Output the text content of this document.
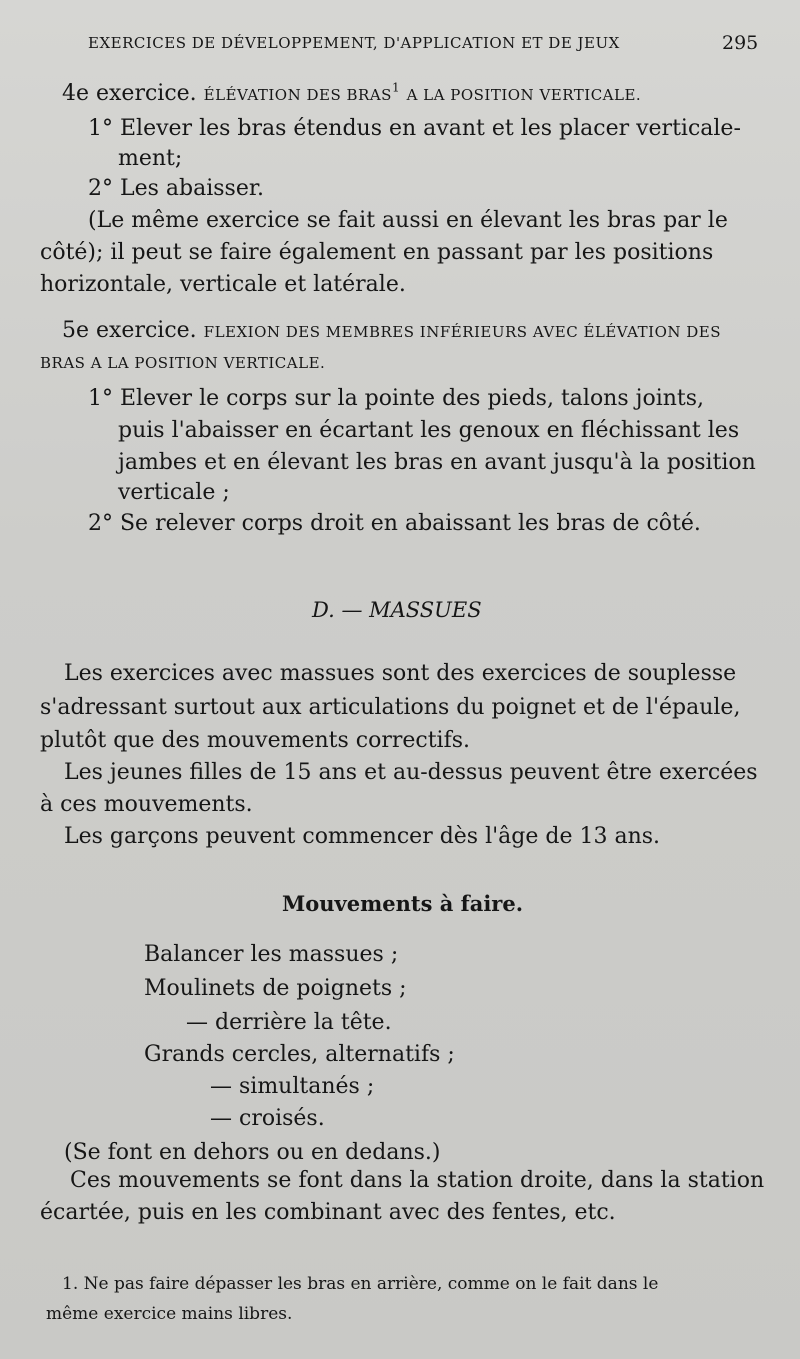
EXERCICES DE DÉVELOPPEMENT, D'APPLICATION ET DE JEUX	295
4e exercice. ÉLÉVATION DES BRAS$^1$ A LA POSITION VERTICALE.
1° Elever les bras étendus en avant et les placer verticale-
ment;
2° Les abaisser.
(Le même exercice se fait aussi en élevant les bras par le
côté); il peut se faire également en passant par les positions
horizontale, verticale et latérale.
5e exercice. FLEXION DES MEMBRES INFÉRIEURS AVEC ÉLÉVATION DES
BRAS A LA POSITION VERTICALE.
1° Elever le corps sur la pointe des pieds, talons joints,
puis l'abaisser en écartant les genoux en fléchissant les
jambes et en élevant les bras en avant jusqu'à la position
verticale ;
2° Se relever corps droit en abaissant les bras de côté.
D. — MASSUES
Les exercices avec massues sont des exercices de souplesse
s'adressant surtout aux articulations du poignet et de l'épaule,
plutôt que des mouvements correctifs.
Les jeunes filles de 15 ans et au-dessus peuvent être exercées
à ces mouvements.
Les garçons peuvent commencer dès l'âge de 13 ans.
Mouvements à faire.
Balancer les massues ;
Moulinets de poignets ;
— derrière la tête.
Grands cercles, alternatifs ;
— simultanés ;
— croisés.
(Se font en dehors ou en dedans.)
Ces mouvements se font dans la station droite, dans la station
écartée, puis en les combinant avec des fentes, etc.
1. Ne pas faire dépasser les bras en arrière, comme on le fait dans le
même exercice mains libres.
